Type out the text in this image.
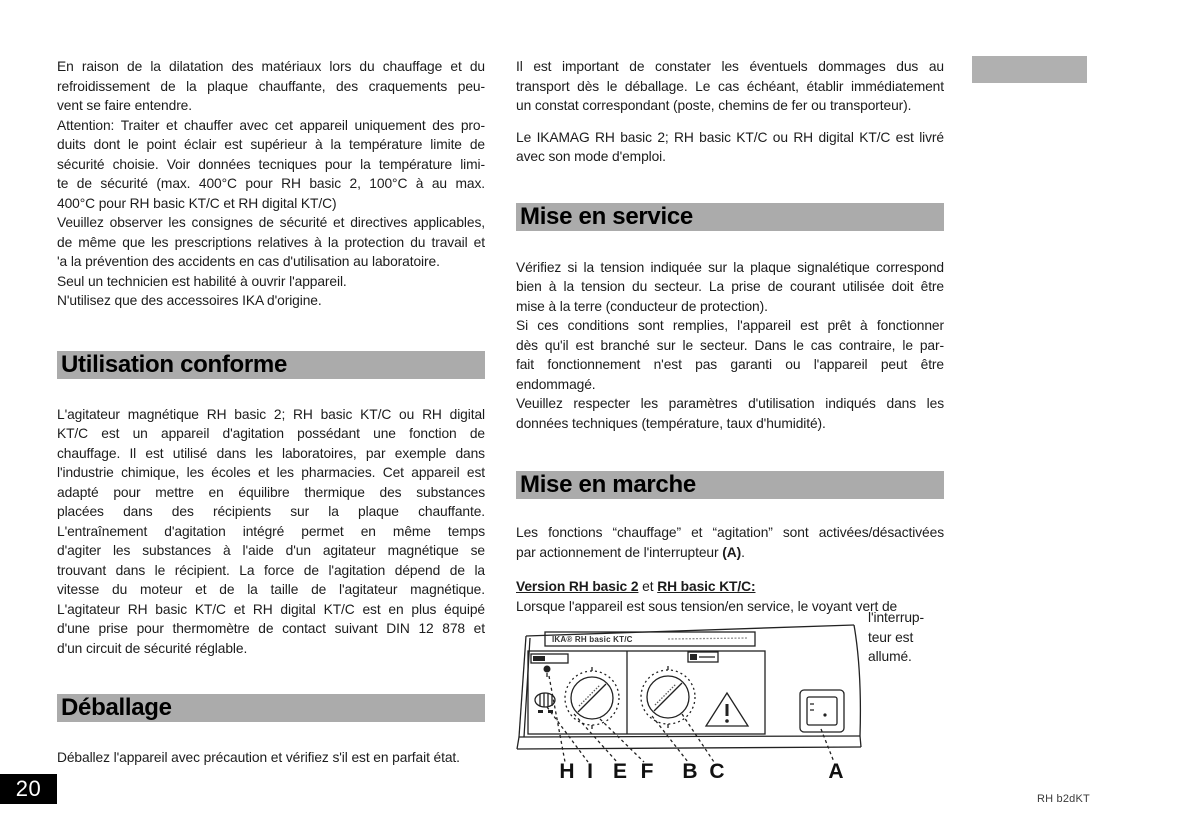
En raison de la dilatation des matériaux lors du chauffage et du
refroidissement de la plaque chauffante, des craquements peu-
vent se faire entendre.
Attention: Traiter et chauffer avec cet appareil uniquement des pro-
duits dont le point éclair est supérieur à la température limite de
sécurité choisie. Voir données tecniques pour la température limi-
te de sécurité (max. 400°C pour RH basic 2, 100°C à au max.
400°C pour RH basic KT/C et RH digital KT/C)
Veuillez observer les consignes de sécurité et directives applicables,
de même que les prescriptions relatives à la protection du travail et
'a la prévention des accidents en cas d'utilisation au laboratoire.
Seul un technicien est habilité à ouvrir l'appareil.
N'utilisez que des accessoires IKA d'origine.
Utilisation conforme
L'agitateur magnétique RH basic 2; RH basic KT/C ou RH digital
KT/C est un appareil d'agitation possédant une fonction de
chauffage. Il est utilisé dans les laboratoires, par exemple dans
l'industrie chimique, les écoles et les pharmacies. Cet appareil est
adapté pour mettre en équilibre thermique des substances
placées dans des récipients sur la plaque chauffante.
L'entraînement d'agitation intégré permet en même temps
d'agiter les substances à l'aide d'un agitateur magnétique se
trouvant dans le récipient. La force de l'agitation dépend de la
vitesse du moteur et de la taille de l'agitateur magnétique.
L'agitateur RH basic KT/C et RH digital KT/C est en plus équipé
d'une prise pour thermomètre de contact suivant DIN 12 878 et
d'un circuit de sécurité réglable.
Déballage
Déballez l'appareil avec précaution et vérifiez s'il est en parfait état.
Il est important de constater les éventuels dommages dus au
transport dès le déballage. Le cas échéant, établir immédiatement
un constat correspondant (poste, chemins de fer ou transporteur).
Le IKAMAG RH basic 2; RH basic KT/C ou RH digital KT/C est livré
avec son mode d'emploi.
Mise en service
Vérifiez si la tension indiquée sur la plaque signalétique correspond
bien à la tension du secteur. La prise de courant utilisée doit être
mise à la terre (conducteur de protection).
Si ces conditions sont remplies, l'appareil est prêt à fonctionner
dès qu'il est branché sur le secteur. Dans le cas contraire, le par-
fait fonctionnement n'est pas garanti ou l'appareil peut être
endommagé.
Veuillez respecter les paramètres d'utilisation indiqués dans les
données techniques (température, taux d'humidité).
Mise en marche
Les fonctions “chauffage” et “agitation” sont activées/désactivées
par actionnement de l'interrupteur (A).
Version RH basic 2 et RH basic KT/C:
Lorsque l'appareil est sous tension/en service, le voyant vert de
IKA® RH basic KT/C
H I E F B C	A
l'interrup-
teur est
allumé.
20	RH b2dKT
